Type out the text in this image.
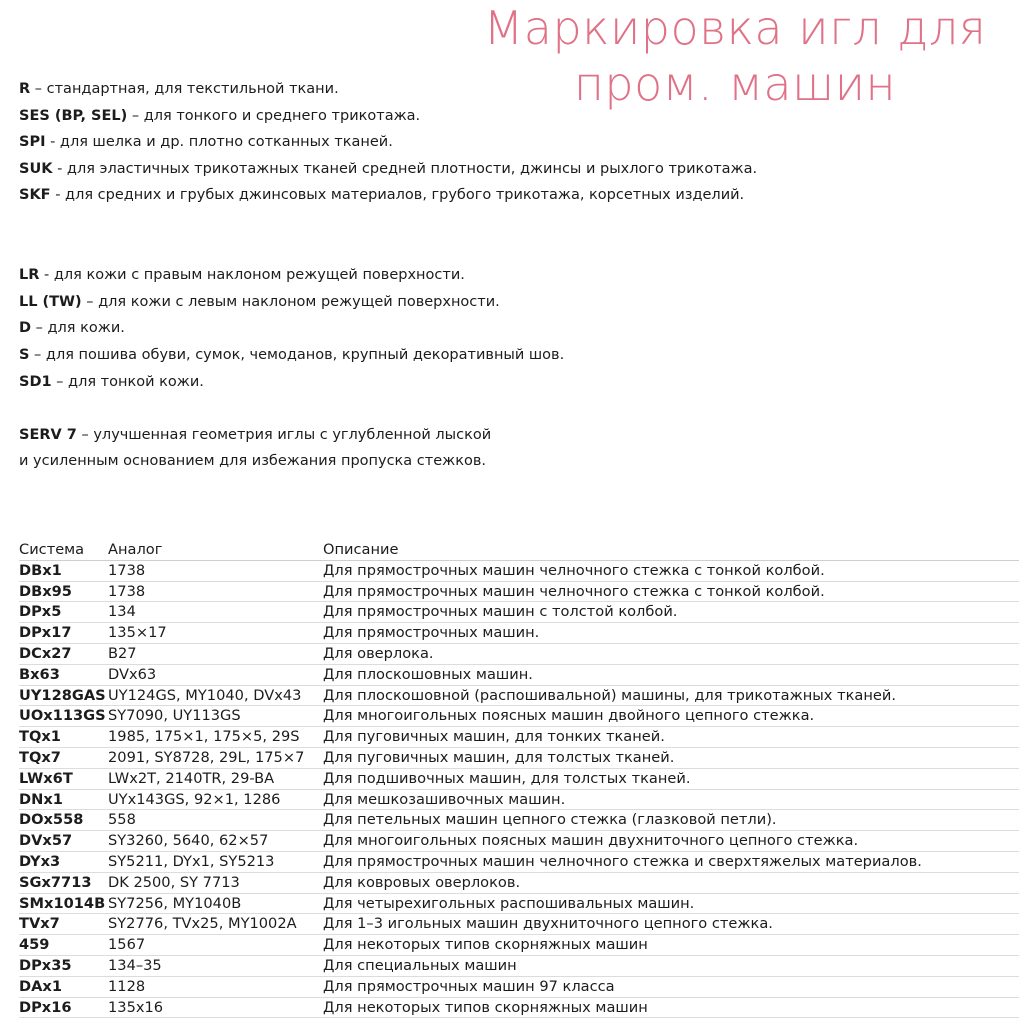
Маркировка игл для
пром. машин
R – стандартная, для текстильной ткани.
SES (BP, SEL) – для тонкого и среднего трикотажа.
SPI - для шелка и др. плотно сотканных тканей.
SUK - для эластичных трикотажных тканей средней плотности, джинсы и рыхлого трикотажа.
SKF - для средних и грубых джинсовых материалов, грубого трикотажа, корсетных изделий.
LR - для кожи с правым наклоном режущей поверхности.
LL (TW) – для кожи с левым наклоном режущей поверхности.
D – для кожи.
S – для пошива обуви, сумок, чемоданов, крупный декоративный шов.
SD1 – для тонкой кожи.
SERV 7 – улучшенная геометрия иглы с углубленной лыской
и усиленным основанием для избежания пропуска стежков.
Система	Аналог	Описание
DBx1	1738	Для прямострочных машин челночного стежка с тонкой колбой.
DBx95	1738	Для прямострочных машин челночного стежка с тонкой колбой.
DPx5	134	Для прямострочных машин с толстой колбой.
DPx17	135×17	Для прямострочных машин.
DCx27	B27	Для оверлока.
Bx63	DVx63	Для плоскошовных машин.
UY128GAS UY124GS, MY1040, DVx43	Для плоскошовной (распошивальной) машины, для трикотажных тканей.
UOx113GS SY7090, UY113GS	Для многоигольных поясных машин двойного цепного стежка.
TQx1	1985, 175×1, 175×5, 29S	Для пуговичных машин, для тонких тканей.
TQx7	2091, SY8728, 29L, 175×7	Для пуговичных машин, для толстых тканей.
LWx6T	LWx2T, 2140TR, 29-BA	Для подшивочных машин, для толстых тканей.
DNx1	UYx143GS, 92×1, 1286	Для мешкозашивочных машин.
DOx558	558	Для петельных машин цепного стежка (глазковой петли).
DVx57	SY3260, 5640, 62×57	Для многоигольных поясных машин двухниточного цепного стежка.
DYx3	SY5211, DYx1, SY5213	Для прямострочных машин челночного стежка и сверхтяжелых материалов.
SGx7713	DK 2500, SY 7713	Для ковровых оверлоков.
SMx1014B SY7256, MY1040B	Для четырехигольных распошивальных машин.
TVx7	SY2776, TVx25, MY1002A	Для 1–3 игольных машин двухниточного цепного стежка.
459	1567	Для некоторых типов скорняжных машин
DPx35	134–35	Для специальных машин
DAx1	1128	Для прямострочных машин 97 класса
DPx16	135x16	Для некоторых типов скорняжных машин
